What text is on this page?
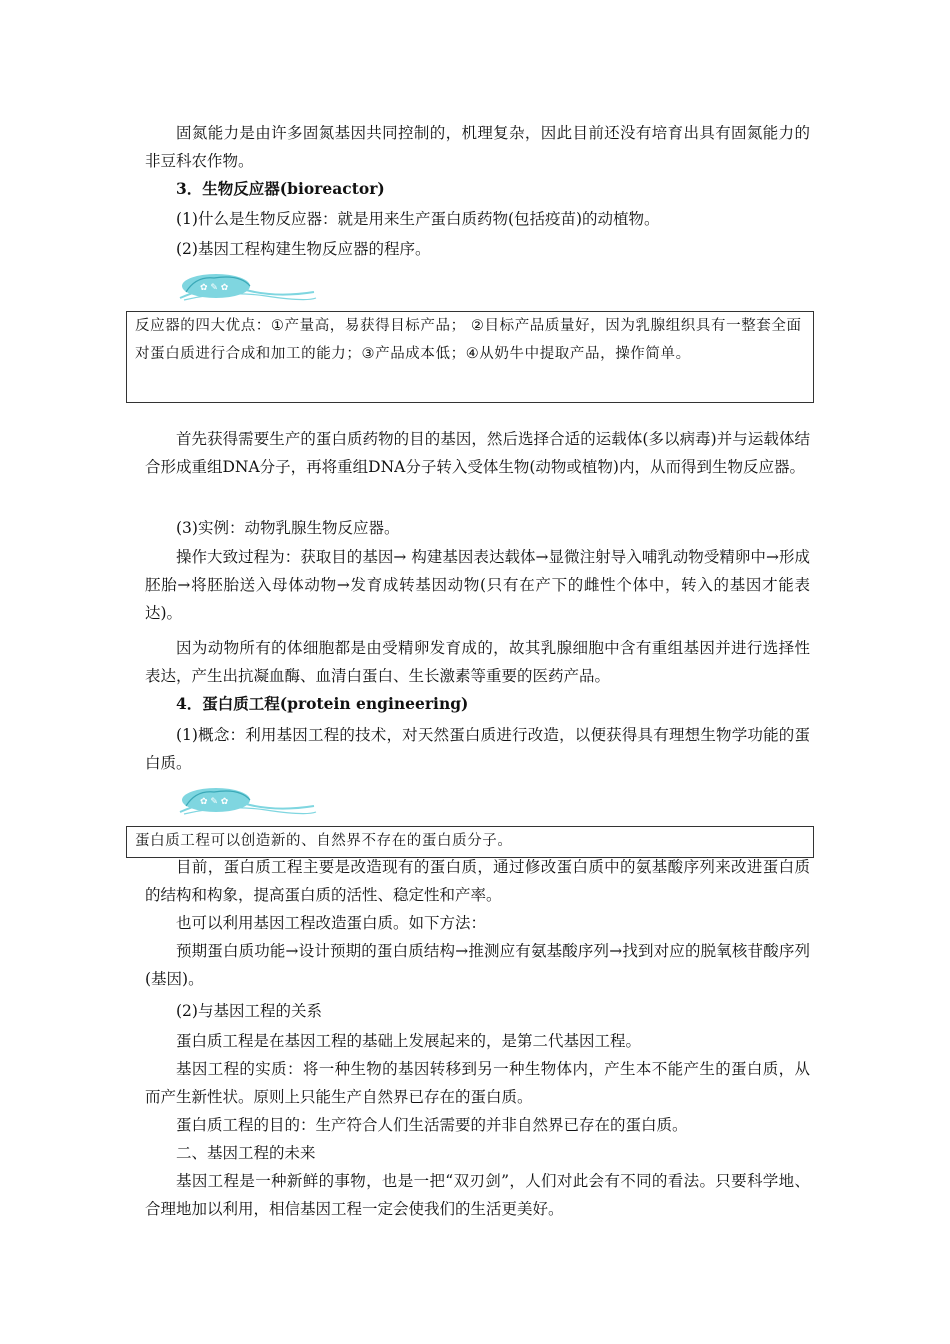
固氮能力是由许多固氮基因共同控制的，机理复杂，因此目前还没有培育出具有固氮能力的非豆科农作物。

3．生物反应器(bioreactor)

(1)什么是生物反应器：就是用来生产蛋白质药物(包括疫苗)的动植物。

(2)基因工程构建生物反应器的程序。

✿ ✎ ✿
反应器的四大优点：①产量高，易获得目标产品； ②目标产品质量好，因为乳腺组织具有一整套全面对蛋白质进行合成和加工的能力；③产品成本低；④从奶牛中提取产品，操作简单。

首先获得需要生产的蛋白质药物的目的基因，然后选择合适的运载体(多以病毒)并与运载体结合形成重组DNA分子，再将重组DNA分子转入受体生物(动物或植物)内，从而得到生物反应器。

(3)实例：动物乳腺生物反应器。

操作大致过程为：获取目的基因→ 构建基因表达载体→显微注射导入哺乳动物受精卵中→形成胚胎→将胚胎送入母体动物→发育成转基因动物(只有在产下的雌性个体中，转入的基因才能表达)。

因为动物所有的体细胞都是由受精卵发育成的，故其乳腺细胞中含有重组基因并进行选择性表达，产生出抗凝血酶、血清白蛋白、生长激素等重要的医药产品。

4．蛋白质工程(protein engineering)

(1)概念：利用基因工程的技术，对天然蛋白质进行改造，以便获得具有理想生物学功能的蛋白质。

✿ ✎ ✿
蛋白质工程可以创造新的、自然界不存在的蛋白质分子。

目前，蛋白质工程主要是改造现有的蛋白质，通过修改蛋白质中的氨基酸序列来改进蛋白质的结构和构象，提高蛋白质的活性、稳定性和产率。

也可以利用基因工程改造蛋白质。如下方法：

预期蛋白质功能→设计预期的蛋白质结构→推测应有氨基酸序列→找到对应的脱氧核苷酸序列(基因)。

(2)与基因工程的关系

蛋白质工程是在基因工程的基础上发展起来的，是第二代基因工程。

基因工程的实质：将一种生物的基因转移到另一种生物体内，产生本不能产生的蛋白质，从而产生新性状。原则上只能生产自然界已存在的蛋白质。

蛋白质工程的目的：生产符合人们生活需要的并非自然界已存在的蛋白质。

二、基因工程的未来

基因工程是一种新鲜的事物，也是一把“双刃剑”，人们对此会有不同的看法。只要科学地、合理地加以利用，相信基因工程一定会使我们的生活更美好。
